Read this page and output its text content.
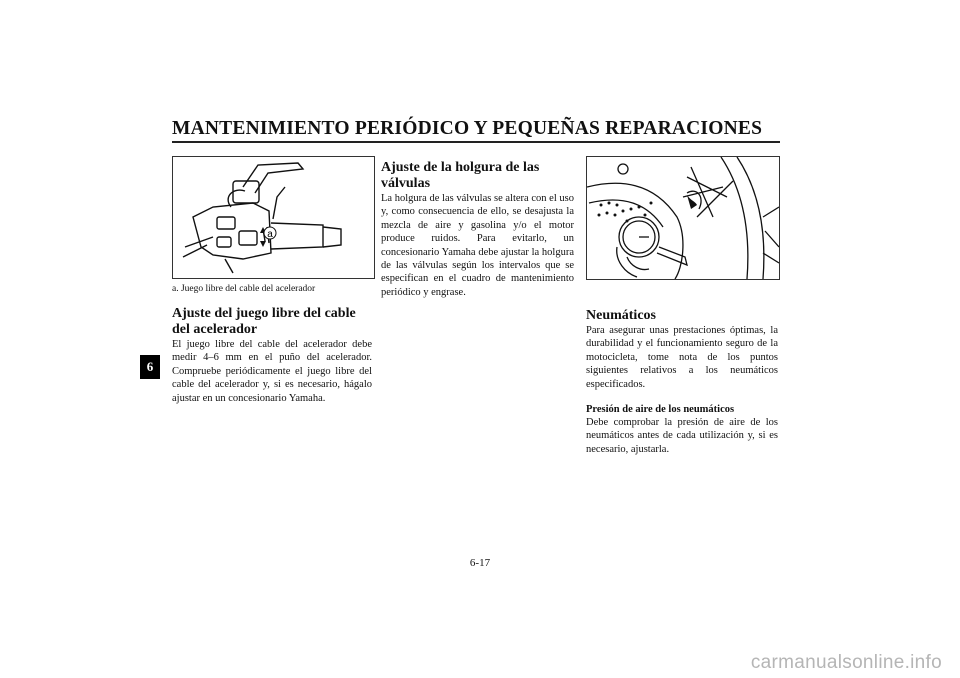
MANTENIMIENTO PERIÓDICO Y PEQUEÑAS REPARACIONES
6
a
a. Juego libre del cable del acelerador
Ajuste del juego libre del cable del acelerador

El juego libre del cable del acelerador debe medir 4–6 mm en el puño del acelerador. Compruebe periódicamente el juego libre del cable del acelerador y, si es necesario, hágalo ajustar en un concesionario Yamaha.

Ajuste de la holgura de las válvulas

La holgura de las válvulas se altera con el uso y, como consecuencia de ello, se desajusta la mezcla de aire y gasolina y/o el motor produce ruidos. Para evitarlo, un concesionario Yamaha debe ajustar la holgura de las válvulas según los intervalos que se especifican en el cuadro de mantenimiento periódico y engrase.

Neumáticos

Para asegurar unas prestaciones óptimas, la durabilidad y el funcionamiento seguro de la motocicleta, tome nota de los puntos siguientes relativos a los neumáticos especificados.

Presión de aire de los neumáticos

Debe comprobar la presión de aire de los neumáticos antes de cada utilización y, si es necesario, ajustarla.

6-17
carmanualsonline.info
